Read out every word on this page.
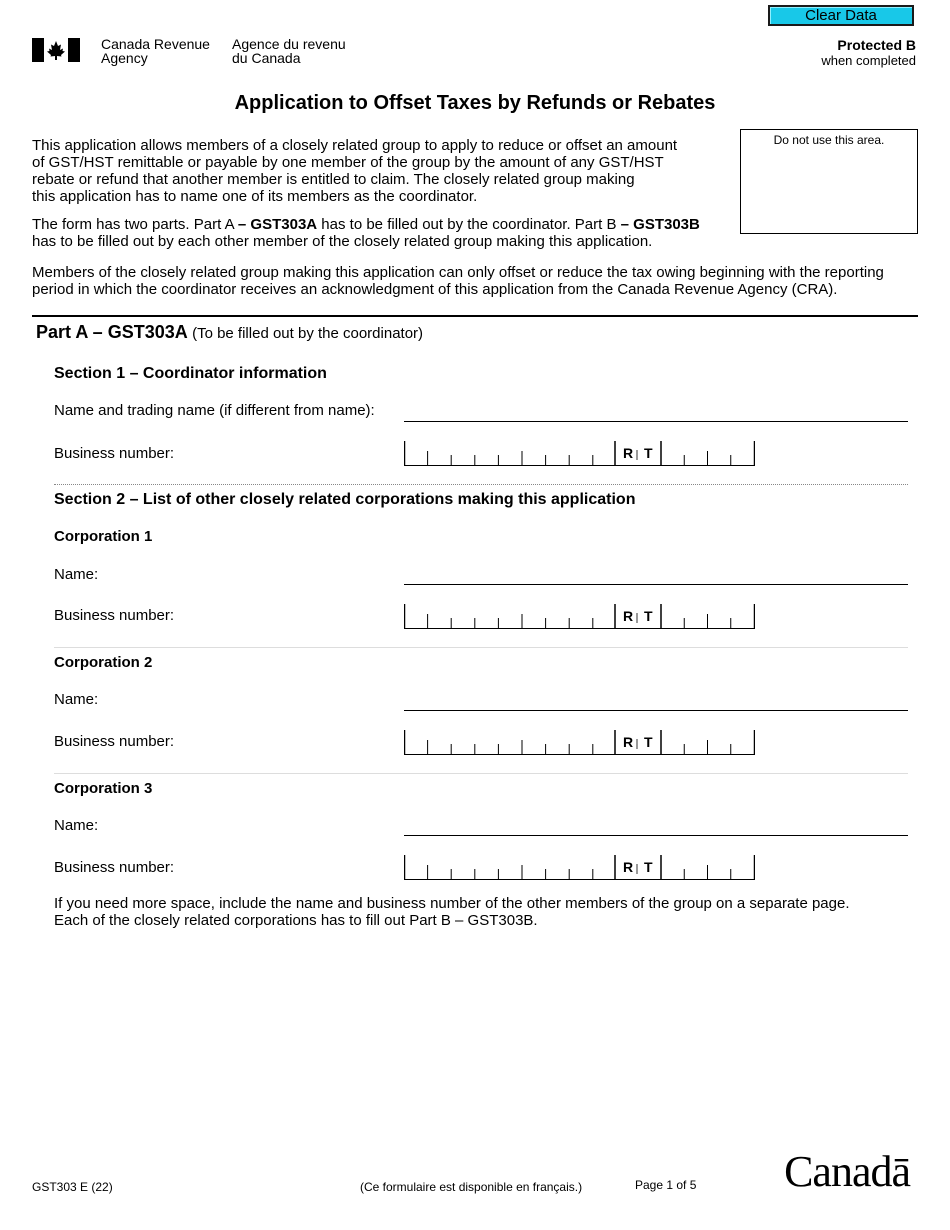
Clear Data
Protected B
when completed
Canada Revenue
Agency
Agence du revenu
du Canada
Application to Offset Taxes by Refunds or Rebates
This application allows members of a closely related group to apply to reduce or offset an amount
of GST/HST remittable or payable by one member of the group by the amount of any GST/HST
rebate or refund that another member is entitled to claim. The closely related group making
this application has to name one of its members as the coordinator.
The form has two parts. Part A – GST303A has to be filled out by the coordinator. Part B – GST303B
has to be filled out by each other member of the closely related group making this application.
Members of the closely related group making this application can only offset or reduce the tax owing beginning with the reporting
period in which the coordinator receives an acknowledgment of this application from the Canada Revenue Agency (CRA).
Do not use this area.
Part A – GST303A (To be filled out by the coordinator)
Section 1 – Coordinator information
Name and trading name (if different from name):
Business number:	R T
Section 2 – List of other closely related corporations making this application
Corporation 1
Name:
Business number:	R T
Corporation 2
Name:
Business number:	R T
Corporation 3
Name:
Business number:	R T
If you need more space, include the name and business number of the other members of the group on a separate page.
Each of the closely related corporations has to fill out Part B – GST303B.
GST303 E (22)	(Ce formulaire est disponible en français.)	Page 1 of 5 Canadā
